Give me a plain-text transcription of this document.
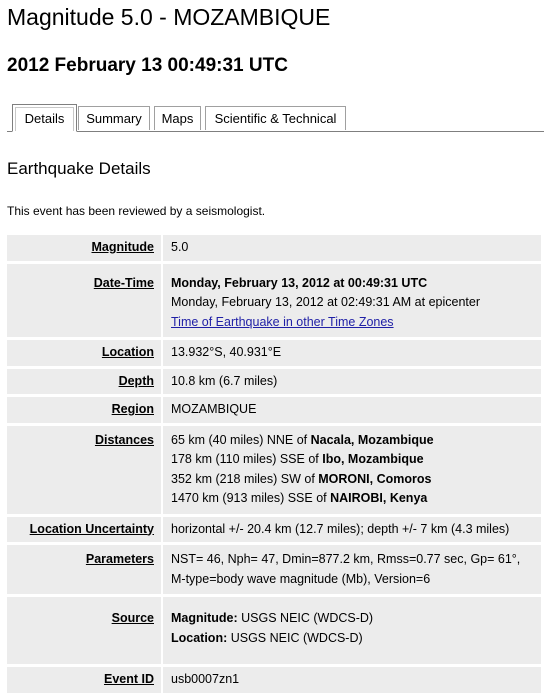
Magnitude 5.0 - MOZAMBIQUE
2012 February 13 00:49:31 UTC
Details	Summary	Maps	Scientific & Technical
Earthquake Details

This event has been reviewed by a seismologist.

Magnitude	5.0
Date-Time	Monday, February 13, 2012 at 00:49:31 UTC
Monday, February 13, 2012 at 02:49:31 AM at epicenter
Time of Earthquake in other Time Zones
Location	13.932°S, 40.931°E
Depth	10.8 km (6.7 miles)
Region	MOZAMBIQUE
Distances	65 km (40 miles) NNE of Nacala, Mozambique
178 km (110 miles) SSE of Ibo, Mozambique
352 km (218 miles) SW of MORONI, Comoros
1470 km (913 miles) SSE of NAIROBI, Kenya
Location Uncertainty	horizontal +/- 20.4 km (12.7 miles); depth +/- 7 km (4.3 miles)
Parameters	NST= 46, Nph= 47, Dmin=877.2 km, Rmss=0.77 sec, Gp= 61°,
M-type=body wave magnitude (Mb), Version=6
Source	Magnitude: USGS NEIC (WDCS-D)
Location: USGS NEIC (WDCS-D)
Event ID	usb0007zn1
